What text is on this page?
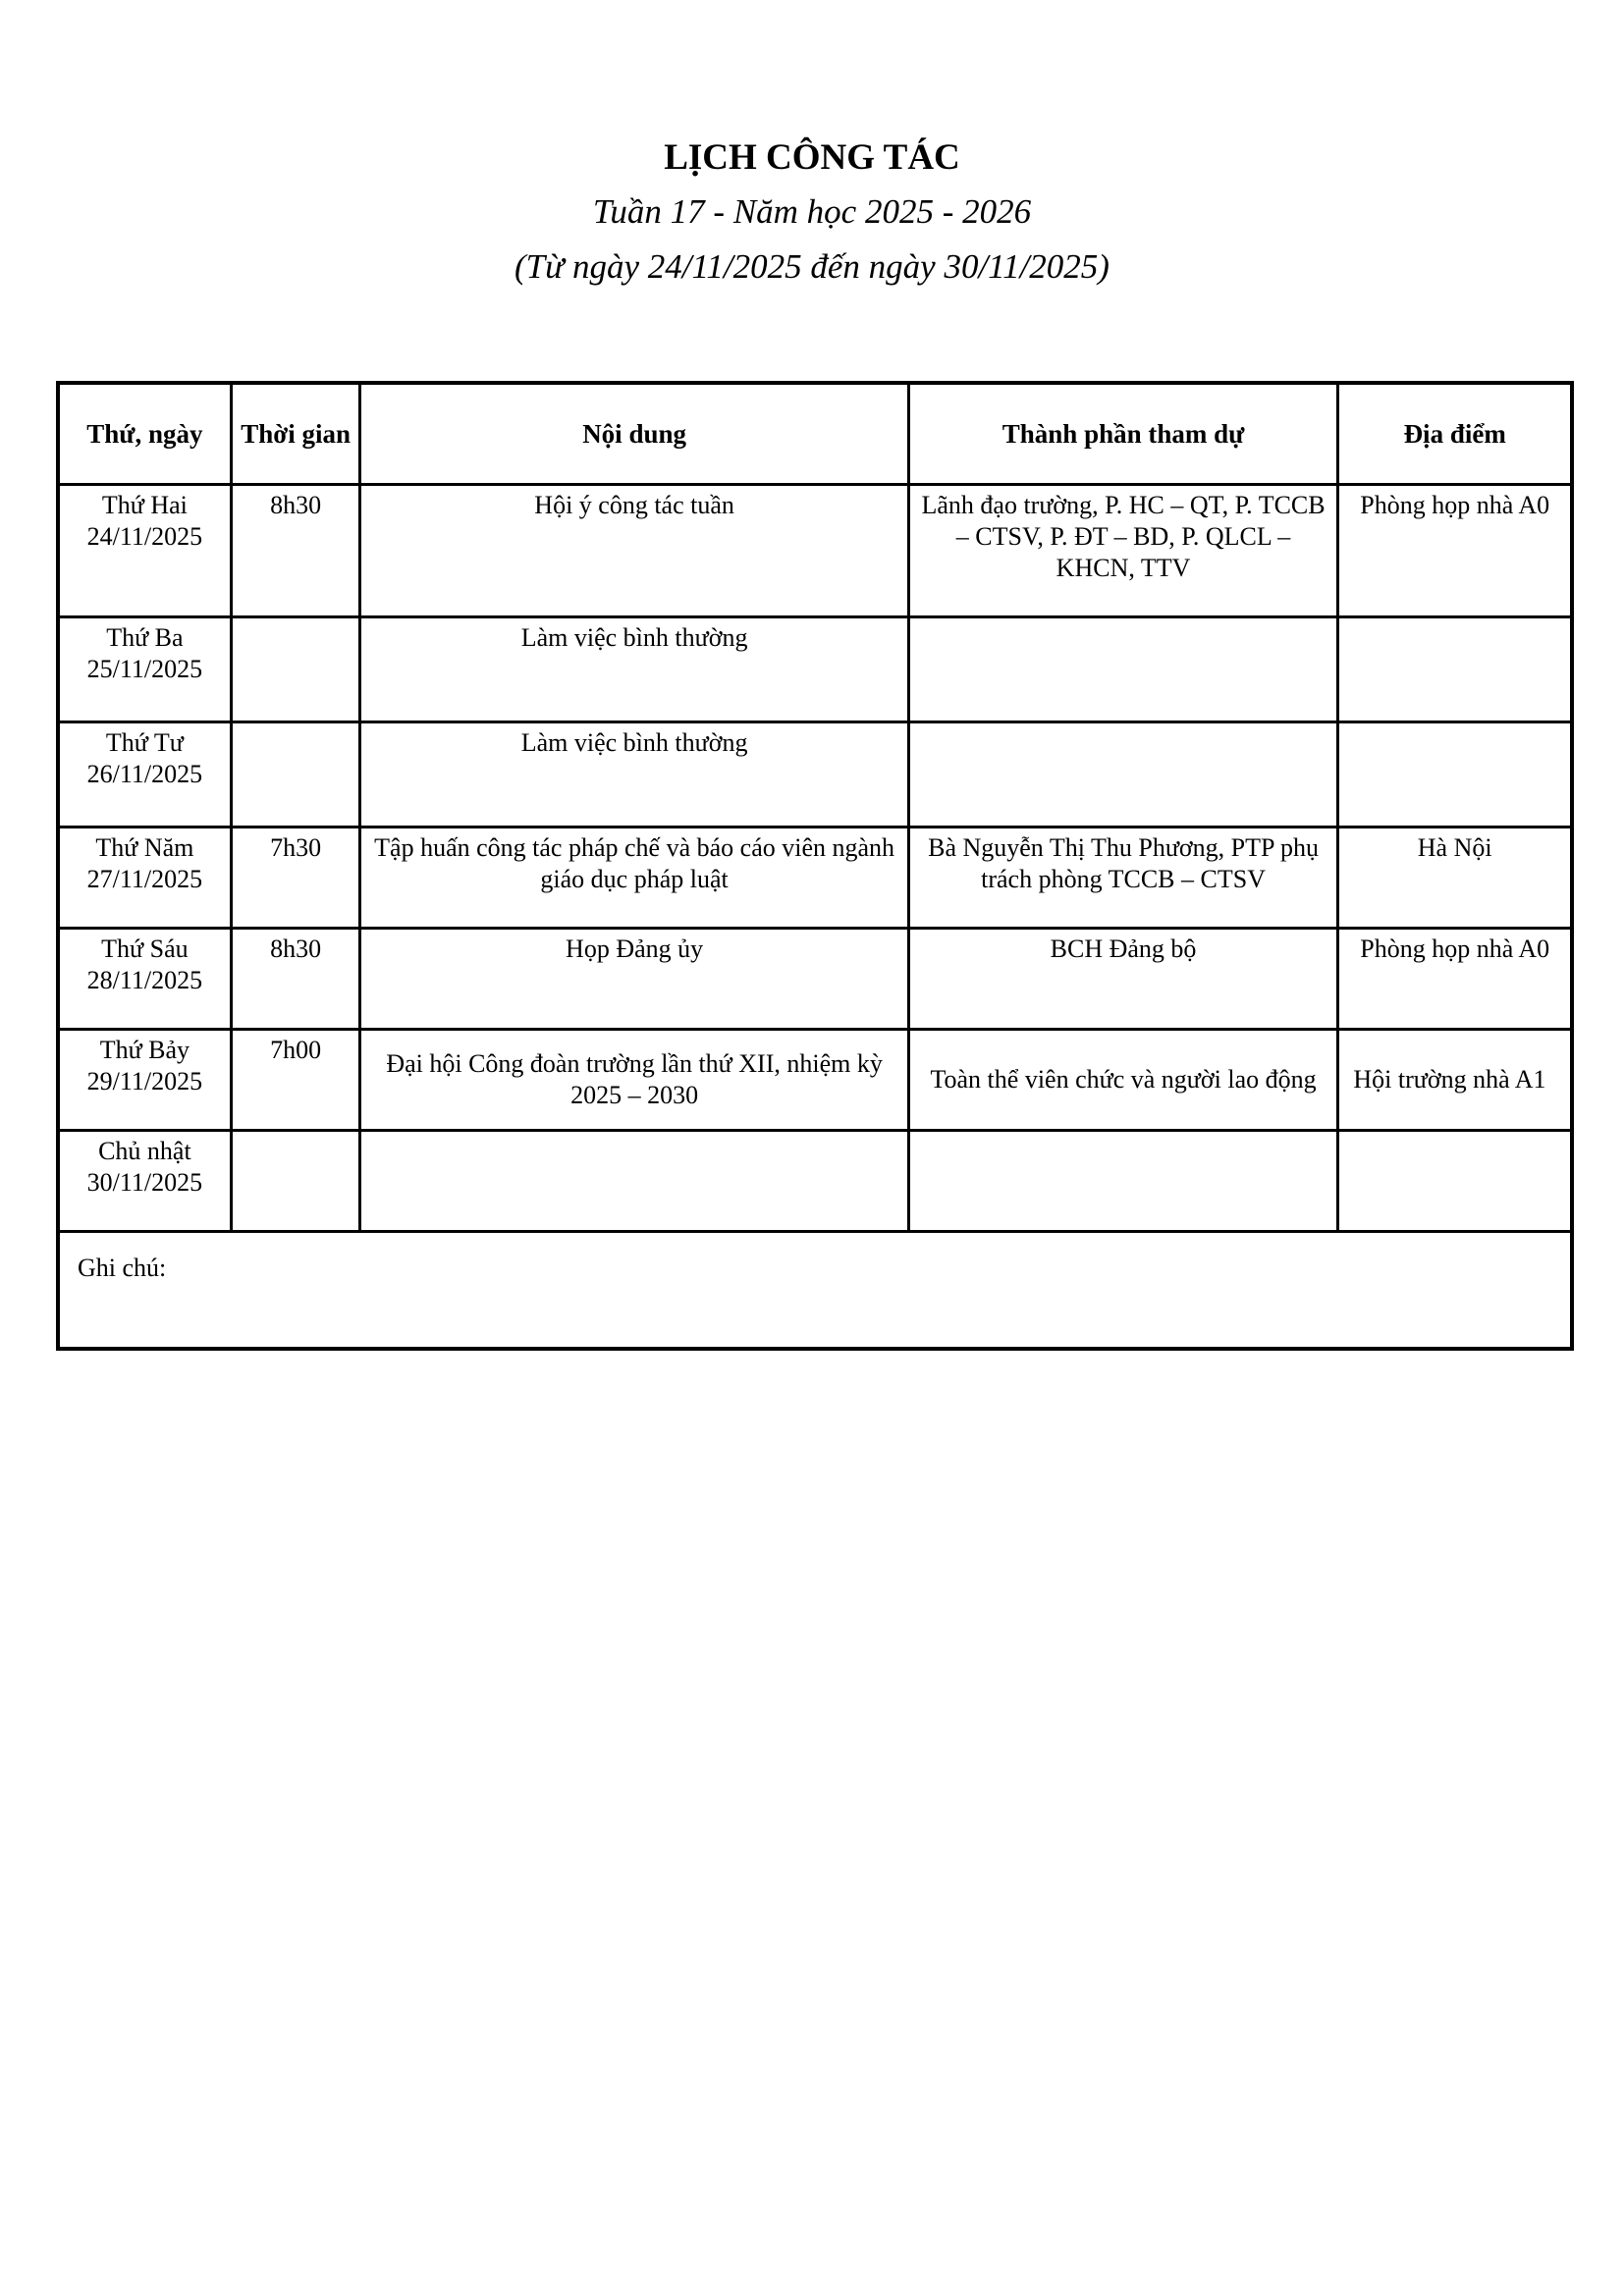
LỊCH CÔNG TÁC
Tuần 17 - Năm học 2025 - 2026
(Từ ngày 24/11/2025 đến ngày 30/11/2025)
Thứ, ngày	Thời gian	Nội dung	Thành phần tham dự	Địa điểm

Thứ Hai
24/11/2025	8h30	Hội ý công tác tuần	Lãnh đạo trường, P. HC – QT, P. TCCB – CTSV, P. ĐT – BD, P. QLCL – KHCN, TTV	Phòng họp nhà A0

Thứ Ba
25/11/2025		Làm việc bình thường		

Thứ Tư
26/11/2025		Làm việc bình thường		

Thứ Năm
27/11/2025	7h30	Tập huấn công tác pháp chế và báo cáo viên ngành giáo dục pháp luật	Bà Nguyễn Thị Thu Phương, PTP phụ trách phòng TCCB – CTSV	Hà Nội

Thứ Sáu
28/11/2025	8h30	Họp Đảng ủy	BCH Đảng bộ	Phòng họp nhà A0

Thứ Bảy
29/11/2025	7h00	Đại hội Công đoàn trường lần thứ XII, nhiệm kỳ 2025 – 2030	Toàn thể viên chức và người lao động	Hội trường nhà A1

Chủ nhật
30/11/2025				

Ghi chú:				
